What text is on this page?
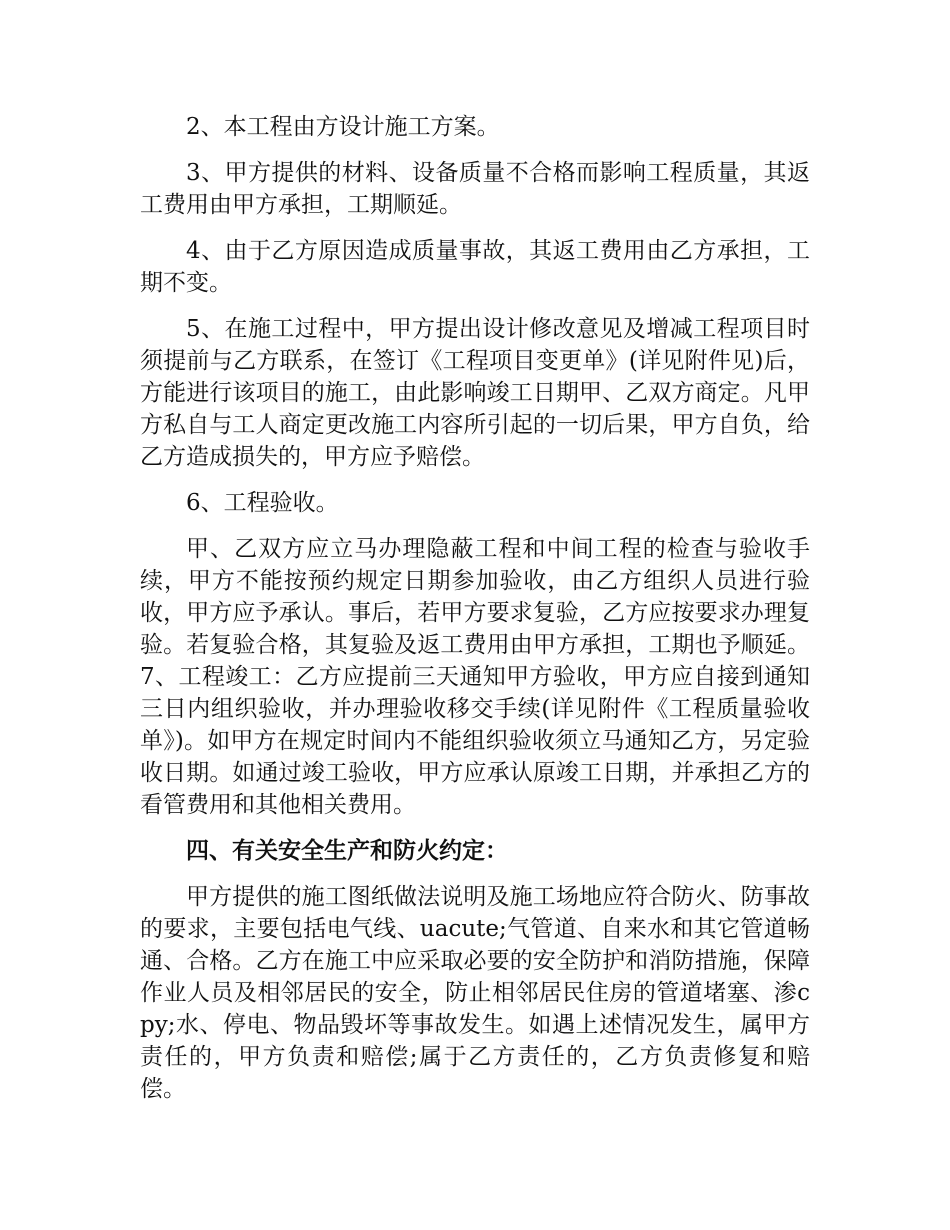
2、本工程由方设计施工方案。

3、甲方提供的材料、设备质量不合格而影响工程质量，其返工费用由甲方承担，工期顺延。

4、由于乙方原因造成质量事故，其返工费用由乙方承担，工期不变。

5、在施工过程中，甲方提出设计修改意见及增减工程项目时须提前与乙方联系，在签订《工程项目变更单》(详见附件见)后，方能进行该项目的施工，由此影响竣工日期甲、乙双方商定。凡甲方私自与工人商定更改施工内容所引起的一切后果，甲方自负，给乙方造成损失的，甲方应予赔偿。

6、工程验收。

甲、乙双方应立马办理隐蔽工程和中间工程的检查与验收手续，甲方不能按预约规定日期参加验收，由乙方组织人员进行验收，甲方应予承认。事后，若甲方要求复验，乙方应按要求办理复验。若复验合格，其复验及返工费用由甲方承担，工期也予顺延。7、工程竣工：乙方应提前三天通知甲方验收，甲方应自接到通知三日内组织验收，并办理验收移交手续(详见附件《工程质量验收单》)。如甲方在规定时间内不能组织验收须立马通知乙方，另定验收日期。如通过竣工验收，甲方应承认原竣工日期，并承担乙方的看管费用和其他相关费用。

四、有关安全生产和防火约定：

甲方提供的施工图纸做法说明及施工场地应符合防火、防事故的要求，主要包括电气线、uacute;气管道、自来水和其它管道畅通、合格。乙方在施工中应采取必要的安全防护和消防措施，保障作业人员及相邻居民的安全，防止相邻居民住房的管道堵塞、渗cpy;水、停电、物品毁坏等事故发生。如遇上述情况发生，属甲方责任的，甲方负责和赔偿;属于乙方责任的，乙方负责修复和赔偿。
